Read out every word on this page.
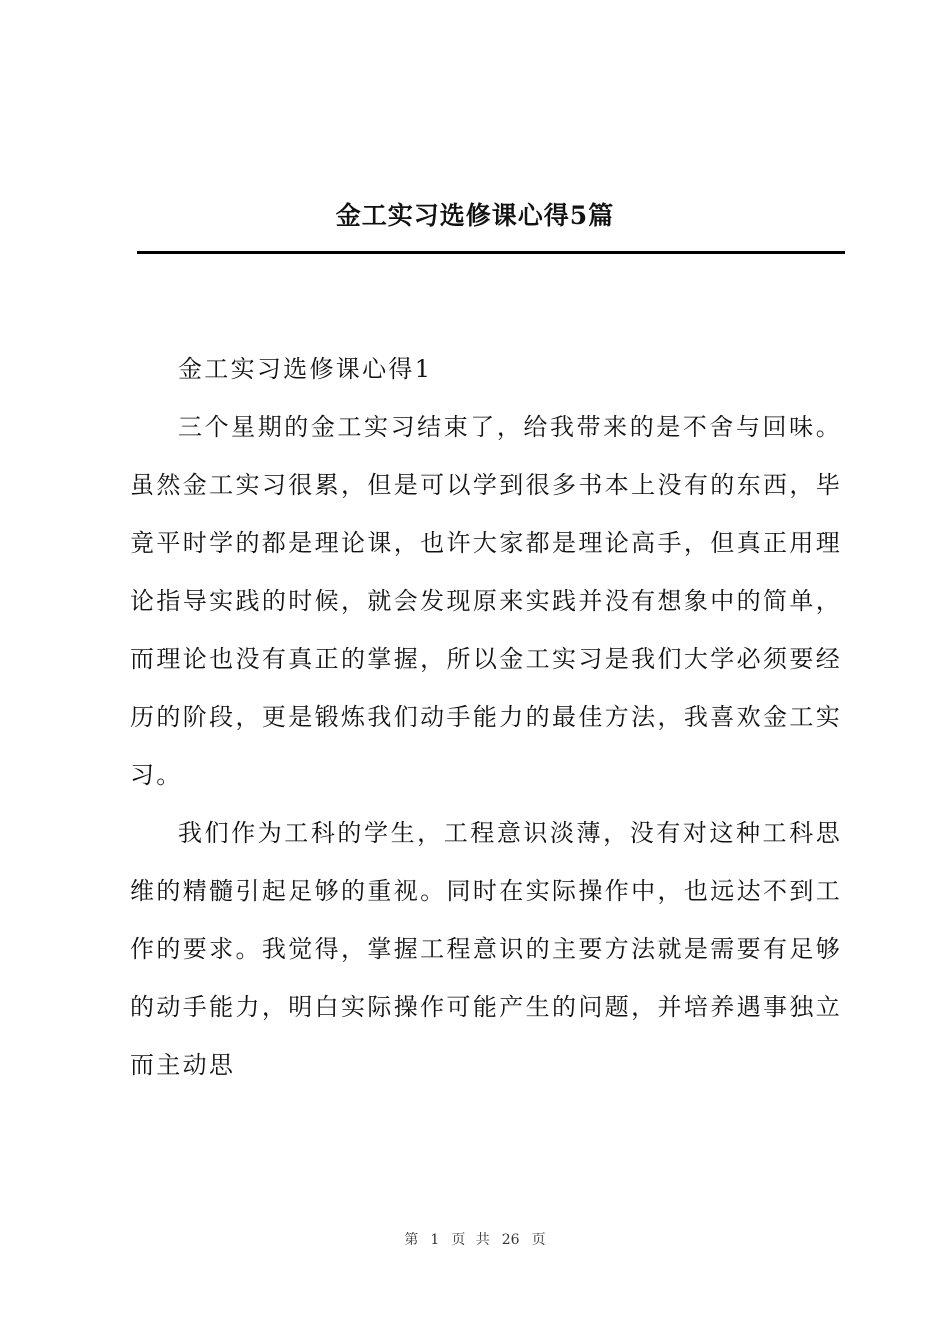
金工实习选修课心得5篇

金工实习选修课心得1

三个星期的金工实习结束了，给我带来的是不舍与回味。虽然金工实习很累，但是可以学到很多书本上没有的东西，毕竟平时学的都是理论课，也许大家都是理论高手，但真正用理论指导实践的时候，就会发现原来实践并没有想象中的简单，而理论也没有真正的掌握，所以金工实习是我们大学必须要经历的阶段，更是锻炼我们动手能力的最佳方法，我喜欢金工实习。

我们作为工科的学生，工程意识淡薄，没有对这种工科思维的精髓引起足够的重视。同时在实际操作中，也远达不到工作的要求。我觉得，掌握工程意识的主要方法就是需要有足够的动手能力，明白实际操作可能产生的问题，并培养遇事独立而主动思

第 1 页 共 26 页
